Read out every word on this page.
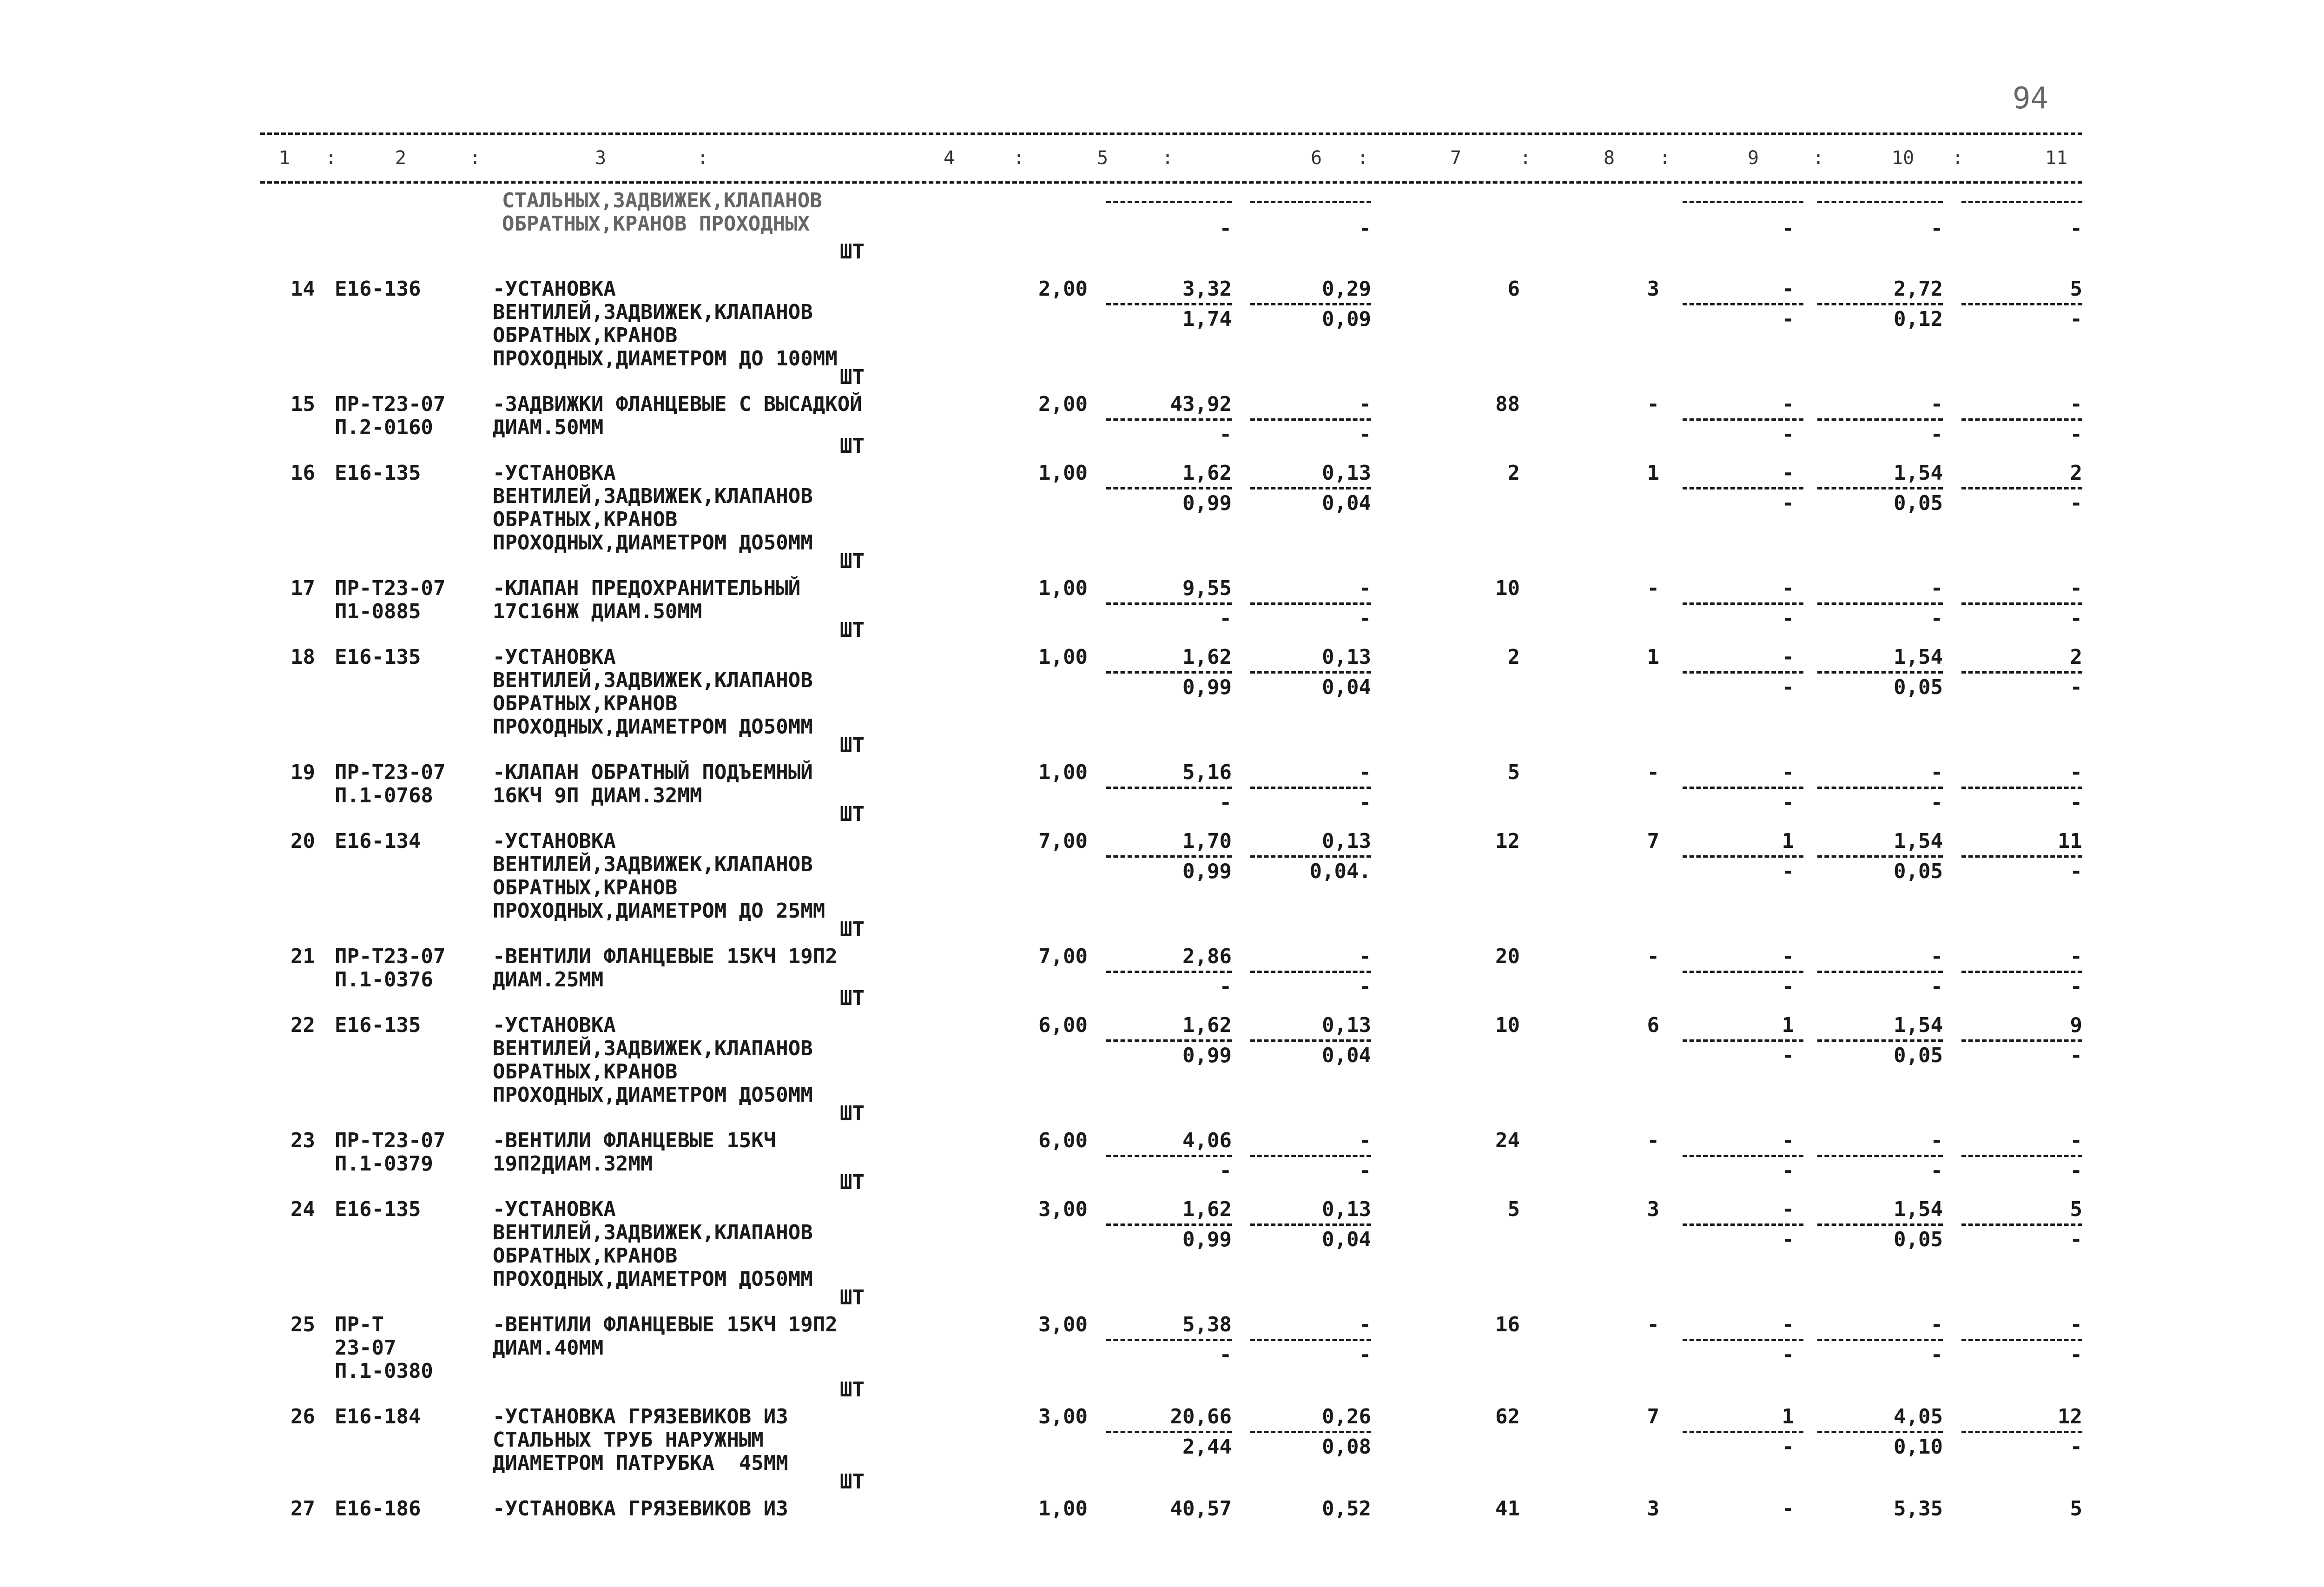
94
1 :	2	:	3	:	4	:	5	:	6 :	7	:	8 :	9	:	10 :	11
СТАЛЬНЫХ,ЗАДВИЖЕК,КЛАПАНОВ
ОБРАТНЫХ,КРАНОВ ПРОХОДНЫХ
ШТ
-	-	-	-	-
14 Е16-136	-УСТАНОВКА
ВЕНТИЛЕЙ,ЗАДВИЖЕК,КЛАПАНОВ
ОБРАТНЫХ,КРАНОВ
ПРОХОДНЫХ,ДИАМЕТРОМ ДО 100ММ
2,00	3,32	0,29	6	3	-	2,72	5
1,74	0,09	-	0,12	-
ШТ
15 ПР-Т23-07
П.2-0160
-ЗАДВИЖКИ ФЛАНЦЕВЫЕ С ВЫСАДКОЙ
ДИАМ.50ММ
2,00	43,92	-	88	-	-	-	-
-	-	-	-	-
ШТ
16 Е16-135	-УСТАНОВКА
ВЕНТИЛЕЙ,ЗАДВИЖЕК,КЛАПАНОВ
ОБРАТНЫХ,КРАНОВ
ПРОХОДНЫХ,ДИАМЕТРОМ ДО50ММ
1,00	1,62	0,13	2	1	-	1,54	2
0,99	0,04	-	0,05	-
ШТ
17 ПР-Т23-07
П1-0885
-КЛАПАН ПРЕДОХРАНИТЕЛЬНЫЙ
17С16НЖ ДИАМ.50ММ
1,00	9,55	-	10	-	-	-	-
-	-	-	-	-
ШТ
18 Е16-135	-УСТАНОВКА
ВЕНТИЛЕЙ,ЗАДВИЖЕК,КЛАПАНОВ
ОБРАТНЫХ,КРАНОВ
ПРОХОДНЫХ,ДИАМЕТРОМ ДО50ММ
1,00	1,62	0,13	2	1	-	1,54	2
0,99	0,04	-	0,05	-
ШТ
19 ПР-Т23-07
П.1-0768
-КЛАПАН ОБРАТНЫЙ ПОДЪЕМНЫЙ
16КЧ 9П ДИАМ.32ММ
1,00	5,16	-	5	-	-	-	-
-	-	-	-	-
ШТ
20 Е16-134	-УСТАНОВКА
ВЕНТИЛЕЙ,ЗАДВИЖЕК,КЛАПАНОВ
ОБРАТНЫХ,КРАНОВ
ПРОХОДНЫХ,ДИАМЕТРОМ ДО 25ММ
7,00	1,70	0,13	12	7	1	1,54	11
0,99	0,04.	-	0,05	-
ШТ
21 ПР-Т23-07
П.1-0376
-ВЕНТИЛИ ФЛАНЦЕВЫЕ 15КЧ 19П2
ДИАМ.25ММ
7,00	2,86	-	20	-	-	-	-
-	-	-	-	-
ШТ
22 Е16-135	-УСТАНОВКА
ВЕНТИЛЕЙ,ЗАДВИЖЕК,КЛАПАНОВ
ОБРАТНЫХ,КРАНОВ
ПРОХОДНЫХ,ДИАМЕТРОМ ДО50ММ
6,00	1,62	0,13	10	6	1	1,54	9
0,99	0,04	-	0,05	-
ШТ
23 ПР-Т23-07
П.1-0379
-ВЕНТИЛИ ФЛАНЦЕВЫЕ 15КЧ
19П2ДИАМ.32ММ
6,00	4,06	-	24	-	-	-	-
-	-	-	-	-
ШТ
24 Е16-135	-УСТАНОВКА
ВЕНТИЛЕЙ,ЗАДВИЖЕК,КЛАПАНОВ
ОБРАТНЫХ,КРАНОВ
ПРОХОДНЫХ,ДИАМЕТРОМ ДО50ММ
3,00	1,62	0,13	5	3	-	1,54	5
0,99	0,04	-	0,05	-
ШТ
25 ПР-Т
23-07
П.1-0380
-ВЕНТИЛИ ФЛАНЦЕВЫЕ 15КЧ 19П2
ДИАМ.40ММ
3,00	5,38	-	16	-	-	-	-
-	-	-	-	-
ШТ
26 Е16-184	-УСТАНОВКА ГРЯЗЕВИКОВ ИЗ
СТАЛЬНЫХ ТРУБ НАРУЖНЫМ
ДИАМЕТРОМ ПАТРУБКА  45ММ
3,00	20,66	0,26	62	7	1	4,05	12
2,44	0,08	-	0,10	-
ШТ
27 Е16-186	-УСТАНОВКА ГРЯЗЕВИКОВ ИЗ	1,00	40,57	0,52	41	3	-	5,35	5
